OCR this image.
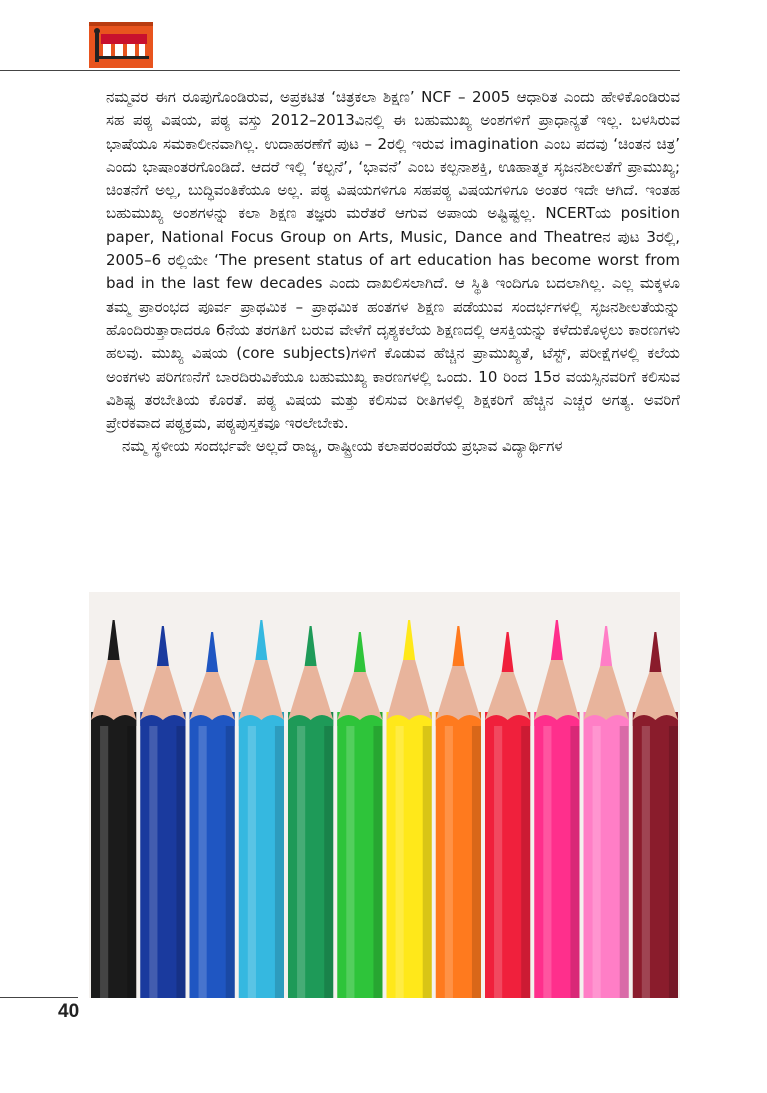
ನಮ್ಮವರ ಈಗ ರೂಪುಗೊಂಡಿರುವ, ಅಪ್ರಕಟಿತ ‘ಚಿತ್ರಕಲಾ ಶಿಕ್ಷಣ’ NCF – 2005 ಆಧಾರಿತ ಎಂದು ಹೇಳಿಕೊಂಡಿರುವ ಸಹ ಪಠ್ಯ ವಿಷಯ, ಪಠ್ಯ ವಸ್ತು 2012–2013ವಿನಲ್ಲಿ ಈ ಬಹುಮುಖ್ಯ ಅಂಶಗಳಿಗೆ ಪ್ರಾಧಾನ್ಯತೆ ಇಲ್ಲ. ಬಳಸಿರುವ ಭಾಷೆಯೂ ಸಮಕಾಲೀನವಾಗಿಲ್ಲ. ಉದಾಹರಣೆಗೆ ಪುಟ – 2ರಲ್ಲಿ ಇರುವ imagination ಎಂಬ ಪದವು ‘ಚಿಂತನ ಚಿತ್ರ’ ಎಂದು ಭಾಷಾಂತರಗೊಂಡಿದೆ. ಆದರೆ ಇಲ್ಲಿ ‘ಕಲ್ಪನೆ’, ‘ಭಾವನೆ’ ಎಂಬ ಕಲ್ಪನಾಶಕ್ತಿ, ಊಹಾತ್ಮಕ ಸೃಜನಶೀಲತೆಗೆ ಪ್ರಾಮುಖ್ಯ; ಚಿಂತನೆಗೆ ಅಲ್ಲ, ಬುದ್ಧಿವಂತಿಕೆಯೂ ಅಲ್ಲ. ಪಠ್ಯ ವಿಷಯಗಳಿಗೂ ಸಹಪಠ್ಯ ವಿಷಯಗಳಿಗೂ ಅಂತರ ಇದೇ ಆಗಿದೆ. ಇಂತಹ ಬಹುಮುಖ್ಯ ಅಂಶಗಳನ್ನು ಕಲಾ ಶಿಕ್ಷಣ ತಜ್ಞರು ಮರೆತರೆ ಆಗುವ ಅಪಾಯ ಅಷ್ಟಿಷ್ಟಲ್ಲ. NCERTಯ position paper, National Focus Group on Arts, Music, Dance and Theatreನ ಪುಟ 3ರಲ್ಲಿ, 2005–6 ರಲ್ಲಿಯೇ ‘The present status of art education has become worst from bad in the last few decades ಎಂದು ದಾಖಲಿಸಲಾಗಿದೆ. ಆ ಸ್ಥಿತಿ ಇಂದಿಗೂ ಬದಲಾಗಿಲ್ಲ. ಎಲ್ಲ ಮಕ್ಕಳೂ ತಮ್ಮ ಪ್ರಾರಂಭದ ಪೂರ್ವ ಪ್ರಾಥಮಿಕ – ಪ್ರಾಥಮಿಕ ಹಂತಗಳ ಶಿಕ್ಷಣ ಪಡೆಯುವ ಸಂದರ್ಭಗಳಲ್ಲಿ ಸೃಜನಶೀಲತೆಯನ್ನು ಹೊಂದಿರುತ್ತಾರಾದರೂ 6ನೆಯ ತರಗತಿಗೆ ಬರುವ ವೇಳೆಗೆ ದೃಶ್ಯಕಲೆಯ ಶಿಕ್ಷಣದಲ್ಲಿ ಆಸಕ್ತಿಯನ್ನು ಕಳೆದುಕೊಳ್ಳಲು ಕಾರಣಗಳು ಹಲವು. ಮುಖ್ಯ ವಿಷಯ (core subjects)ಗಳಿಗೆ ಕೊಡುವ ಹೆಚ್ಚಿನ ಪ್ರಾಮುಖ್ಯತೆ, ಟೆಸ್ಟ್, ಪರೀಕ್ಷೆಗಳಲ್ಲಿ ಕಲೆಯ ಅಂಕಗಳು ಪರಿಗಣನೆಗೆ ಬಾರದಿರುವಿಕೆಯೂ ಬಹುಮುಖ್ಯ ಕಾರಣಗಳಲ್ಲಿ ಒಂದು. 10 ರಿಂದ 15ರ ವಯಸ್ಸಿನವರಿಗೆ ಕಲಿಸುವ ವಿಶಿಷ್ಟ ತರಬೇತಿಯ ಕೊರತೆ. ಪಠ್ಯ ವಿಷಯ ಮತ್ತು ಕಲಿಸುವ ರೀತಿಗಳಲ್ಲಿ ಶಿಕ್ಷಕರಿಗೆ ಹೆಚ್ಚಿನ ಎಚ್ಚರ ಅಗತ್ಯ. ಅವರಿಗೆ ಪ್ರೇರಕವಾದ ಪಠ್ಯಕ್ರಮ, ಪಠ್ಯಪುಸ್ತಕವೂ ಇರಲೇಬೇಕು.

ನಮ್ಮ ಸ್ಥಳೀಯ ಸಂದರ್ಭವೇ ಅಲ್ಲದೆ ರಾಜ್ಯ, ರಾಷ್ಟ್ರೀಯ ಕಲಾಪರಂಪರೆಯ ಪ್ರಭಾವ ವಿದ್ಯಾರ್ಥಿಗಳ

40
